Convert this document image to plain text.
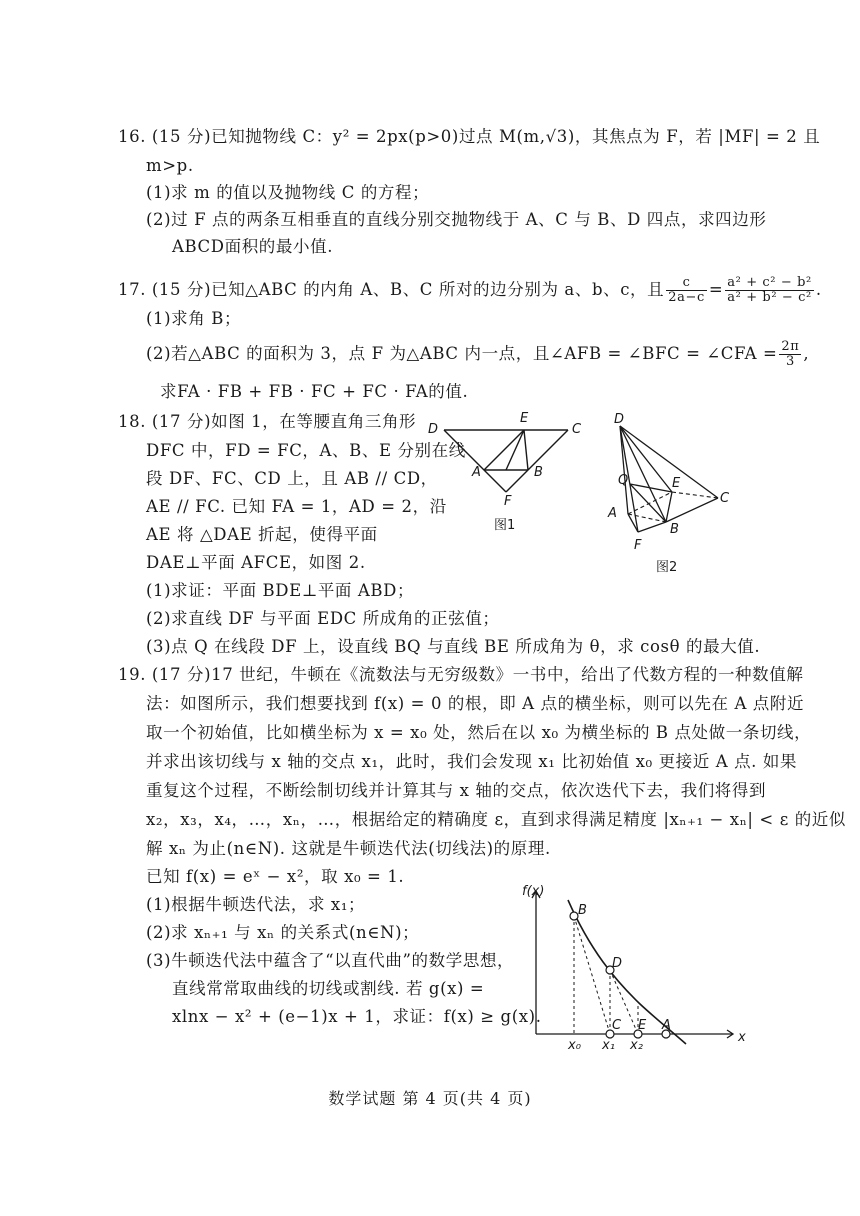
16. (15 分)已知抛物线 C：y² = 2px(p>0)过点 M(m,√3)，其焦点为 F，若 |MF| = 2 且
m>p.
(1)求 m 的值以及抛物线 C 的方程；
(2)过 F 点的两条互相垂直的直线分别交抛物线于 A、C 与 B、D 四点，求四边形
ABCD面积的最小值.
17. (15 分)已知△ABC 的内角 A、B、C 所对的边分别为 a、b、c，且 $\frac{c}{2a-c} = \frac{\text{a² + c² − b²}}{\text{a² + b² − c²}}$ .
(1)求角 B；
(2)若△ABC 的面积为 3，点 F 为△ABC 内一点，且∠AFB = ∠BFC = ∠CFA = $\frac{2\pi}{3}$ ,
求FA · FB + FB · FC + FC · FA的值.
18. (17 分)如图 1，在等腰直角三角形
DFC 中，FD = FC，A、B、E 分别在线
段 DF、FC、CD 上，且 AB // CD，
AE // FC. 已知 FA = 1，AD = 2，沿
AE 将 △DAE 折起，使得平面
DAE⊥平面 AFCE，如图 2.
(1)求证：平面 BDE⊥平面 ABD；
(2)求直线 DF 与平面 EDC 所成角的正弦值；
(3)点 Q 在线段 DF 上，设直线 BQ 与直线 BE 所成角为 θ，求 cosθ 的最大值.
D
E
C
A	B
F
图1
D
Q	E
C
A
B
F
图2
19. (17 分)17 世纪，牛顿在《流数法与无穷级数》一书中，给出了代数方程的一种数值解
法：如图所示，我们想要找到 f(x) = 0 的根，即 A 点的横坐标，则可以先在 A 点附近
取一个初始值，比如横坐标为 x = x₀ 处，然后在以 x₀ 为横坐标的 B 点处做一条切线，
并求出该切线与 x 轴的交点 x₁，此时，我们会发现 x₁ 比初始值 x₀ 更接近 A 点. 如果
重复这个过程，不断绘制切线并计算其与 x 轴的交点，依次迭代下去，我们将得到
x₂，x₃，x₄，…，xₙ，…，根据给定的精确度 ε，直到求得满足精度 |xₙ₊₁ − xₙ| < ε 的近似
解 xₙ 为止(n∈N). 这就是牛顿迭代法(切线法)的原理.
已知 f(x) = eˣ − x²，取 x₀ = 1.
(1)根据牛顿迭代法，求 x₁；
(2)求 xₙ₊₁ 与 xₙ 的关系式(n∈N)；
(3)牛顿迭代法中蕴含了“以直代曲”的数学思想，
直线常常取曲线的切线或割线. 若 g(x) =
xlnx − x² + (e−1)x + 1，求证：f(x) ≥ g(x).
f(x)
x
B
D
C E A
x₀ x₁ x₂
数学试题 第 4 页(共 4 页)
